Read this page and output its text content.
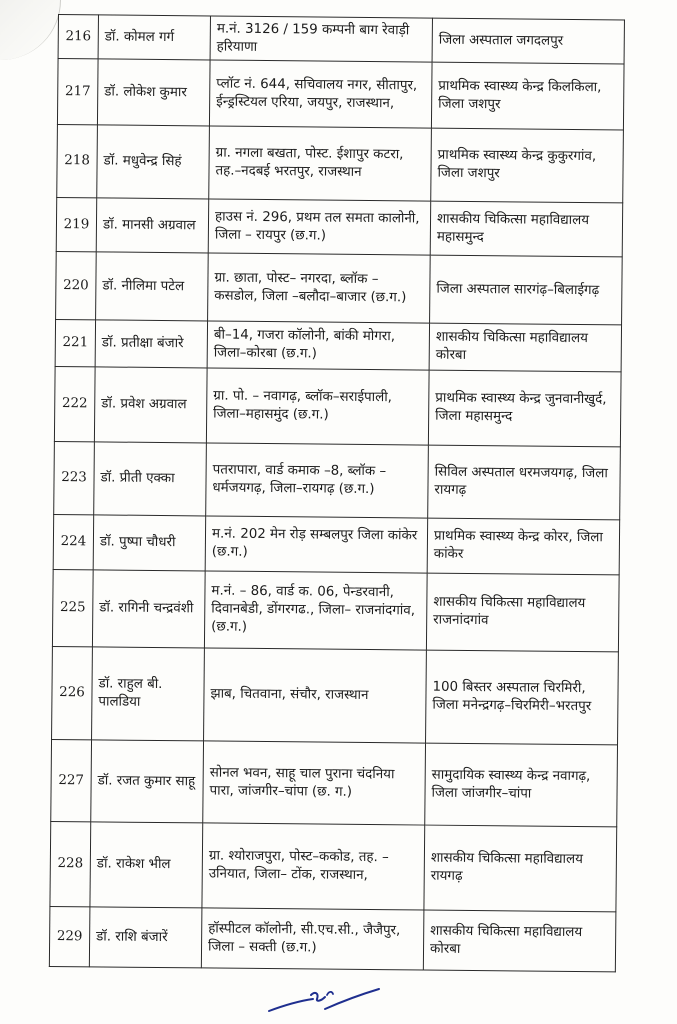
216	डॉ. कोमल गर्ग	म.नं. 3126 / 159 कम्पनी बाग रेवाड़ी हरियाणा	जिला अस्पताल जगदलपुर
217	डॉ. लोकेश कुमार	प्लॉट नं. 644, सचिवालय नगर, सीतापुर, ईन्ड्रस्टियल एरिया, जयपुर, राजस्थान,	प्राथमिक स्वास्थ्य केन्द्र किलकिला, जिला जशपुर
218	डॉ. मधुवेन्द्र सिहं	ग्रा. नगला बखता, पोस्ट. ईशापुर कटरा, तह.–नदबई भरतपुर, राजस्थान	प्राथमिक स्वास्थ्य केन्द्र कुकुरगांव, जिला जशपुर
219	डॉ. मानसी अग्रवाल	हाउस नं. 296, प्रथम तल समता कालोनी, जिला – रायपुर (छ.ग.)	शासकीय चिकित्सा महाविद्यालय महासमुन्द
220	डॉ. नीलिमा पटेल	ग्रा. छाता, पोस्ट– नगरदा, ब्लॉक – कसडोल, जिला –बलौदा–बाजार (छ.ग.)	जिला अस्पताल सारगंढ़–बिलाईगढ़
221	डॉ. प्रतीक्षा बंजारे	बी–14, गजरा कॉलोनी, बांकी मोगरा, जिला–कोरबा (छ.ग.)	शासकीय चिकित्सा महाविद्यालय कोरबा
222	डॉ. प्रवेश अग्रवाल	ग्रा. पो. – नवागढ़, ब्लॉक–सराईपाली, जिला–महासमुंद (छ.ग.)	प्राथमिक स्वास्थ्य केन्द्र जुनवानीखुर्द, जिला महासमुन्द
223	डॉ. प्रीती एक्का	पतरापारा, वार्ड कमाक –8, ब्लॉक –धर्मजयगढ़, जिला–रायगढ़ (छ.ग.)	सिविल अस्पताल धरमजयगढ़, जिला रायगढ़
224	डॉ. पुष्पा चौधरी	म.नं. 202 मेन रोड़ सम्बलपुर जिला कांकेर (छ.ग.)	प्राथमिक स्वास्थ्य केन्द्र कोरर, जिला कांकेर
225	डॉ. रागिनी चन्द्रवंशी	म.नं. – 86, वार्ड क. 06, पेन्डरवानी, दिवानबेडी, डोंगरगढ., जिला– राजनांदगांव, (छ.ग.)	शासकीय चिकित्सा महाविद्यालय राजनांदगांव
226	डॉ. राहुल बी. पालडिया	झाब, चितवाना, संचौर, राजस्थान	100 बिस्तर अस्पताल चिरमिरी, जिला मनेन्द्रगढ़–चिरमिरी–भरतपुर
227	डॉ. रजत कुमार साहू	सोनल भवन, साहू चाल पुराना चंदनिया पारा, जांजगीर–चांपा (छ. ग.)	सामुदायिक स्वास्थ्य केन्द्र नवागढ़, जिला जांजगीर–चांपा
228	डॉ. राकेश भील	ग्रा. श्योराजपुरा, पोस्ट–ककोड, तह. –उनियात, जिला– टोंक, राजस्थान,	शासकीय चिकित्सा महाविद्यालय रायगढ़
229	डॉ. राशि बंजारें	हॉस्पीटल कॉलोनी, सी.एच.सी., जैजैपुर, जिला – सक्ती (छ.ग.)	शासकीय चिकित्सा महाविद्यालय कोरबा
